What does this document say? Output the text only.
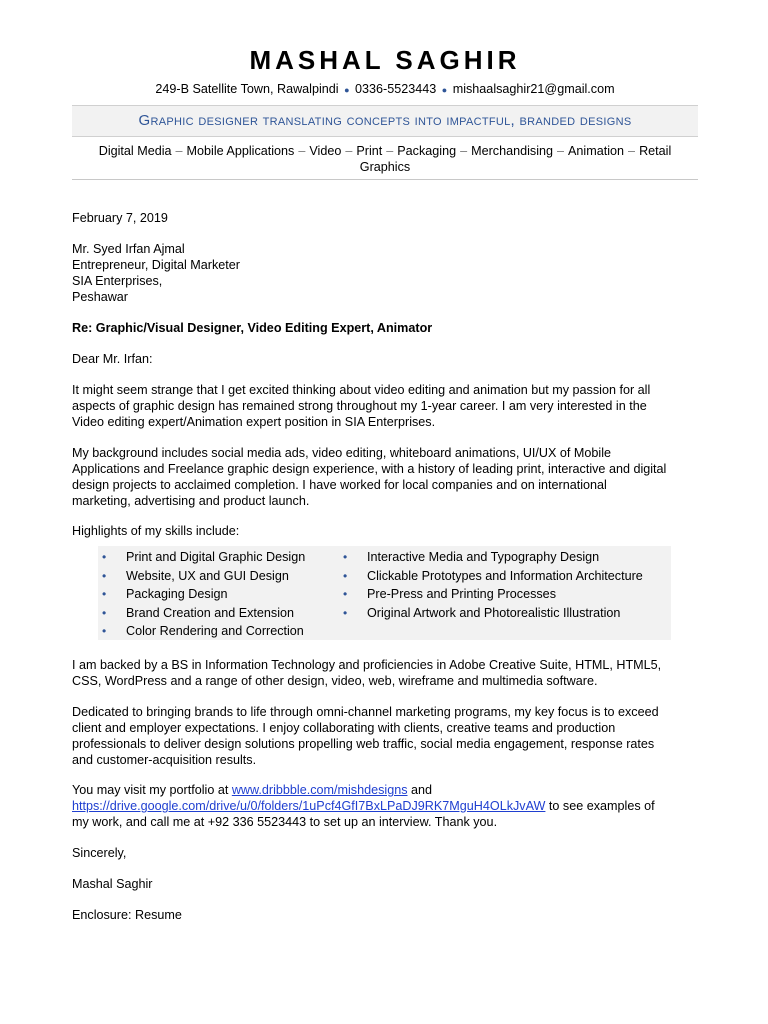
MASHAL SAGHIR
249-B Satellite Town, Rawalpindi ● 0336-5523443 ● mishaalsaghir21@gmail.com
Graphic designer translating concepts into impactful, branded designs
Digital Media – Mobile Applications – Video – Print – Packaging – Merchandising – Animation – Retail
Graphics
February 7, 2019
Mr. Syed Irfan Ajmal
Entrepreneur, Digital Marketer
SIA Enterprises,
Peshawar
Re: Graphic/Visual Designer, Video Editing Expert, Animator
Dear Mr. Irfan:
It might seem strange that I get excited thinking about video editing and animation but my passion for all
aspects of graphic design has remained strong throughout my 1-year career. I am very interested in the
Video editing expert/Animation expert position in SIA Enterprises.
My background includes social media ads, video editing, whiteboard animations, UI/UX of Mobile
Applications and Freelance graphic design experience, with a history of leading print, interactive and digital
design projects to acclaimed completion. I have worked for local companies and on international
marketing, advertising and product launch.
Highlights of my skills include:
• Print and Digital Graphic Design
• Website, UX and GUI Design
• Packaging Design
• Brand Creation and Extension
• Color Rendering and Correction
• Interactive Media and Typography Design
• Clickable Prototypes and Information Architecture
• Pre-Press and Printing Processes
• Original Artwork and Photorealistic Illustration
I am backed by a BS in Information Technology and proficiencies in Adobe Creative Suite, HTML, HTML5,
CSS, WordPress and a range of other design, video, web, wireframe and multimedia software.
Dedicated to bringing brands to life through omni-channel marketing programs, my key focus is to exceed
client and employer expectations. I enjoy collaborating with clients, creative teams and production
professionals to deliver design solutions propelling web traffic, social media engagement, response rates
and customer-acquisition results.
You may visit my portfolio at www.dribbble.com/mishdesigns and
https://drive.google.com/drive/u/0/folders/1uPcf4GfI7BxLPaDJ9RK7MguH4OLkJvAW to see examples of
my work, and call me at +92 336 5523443 to set up an interview. Thank you.
Sincerely,
Mashal Saghir
Enclosure: Resume
